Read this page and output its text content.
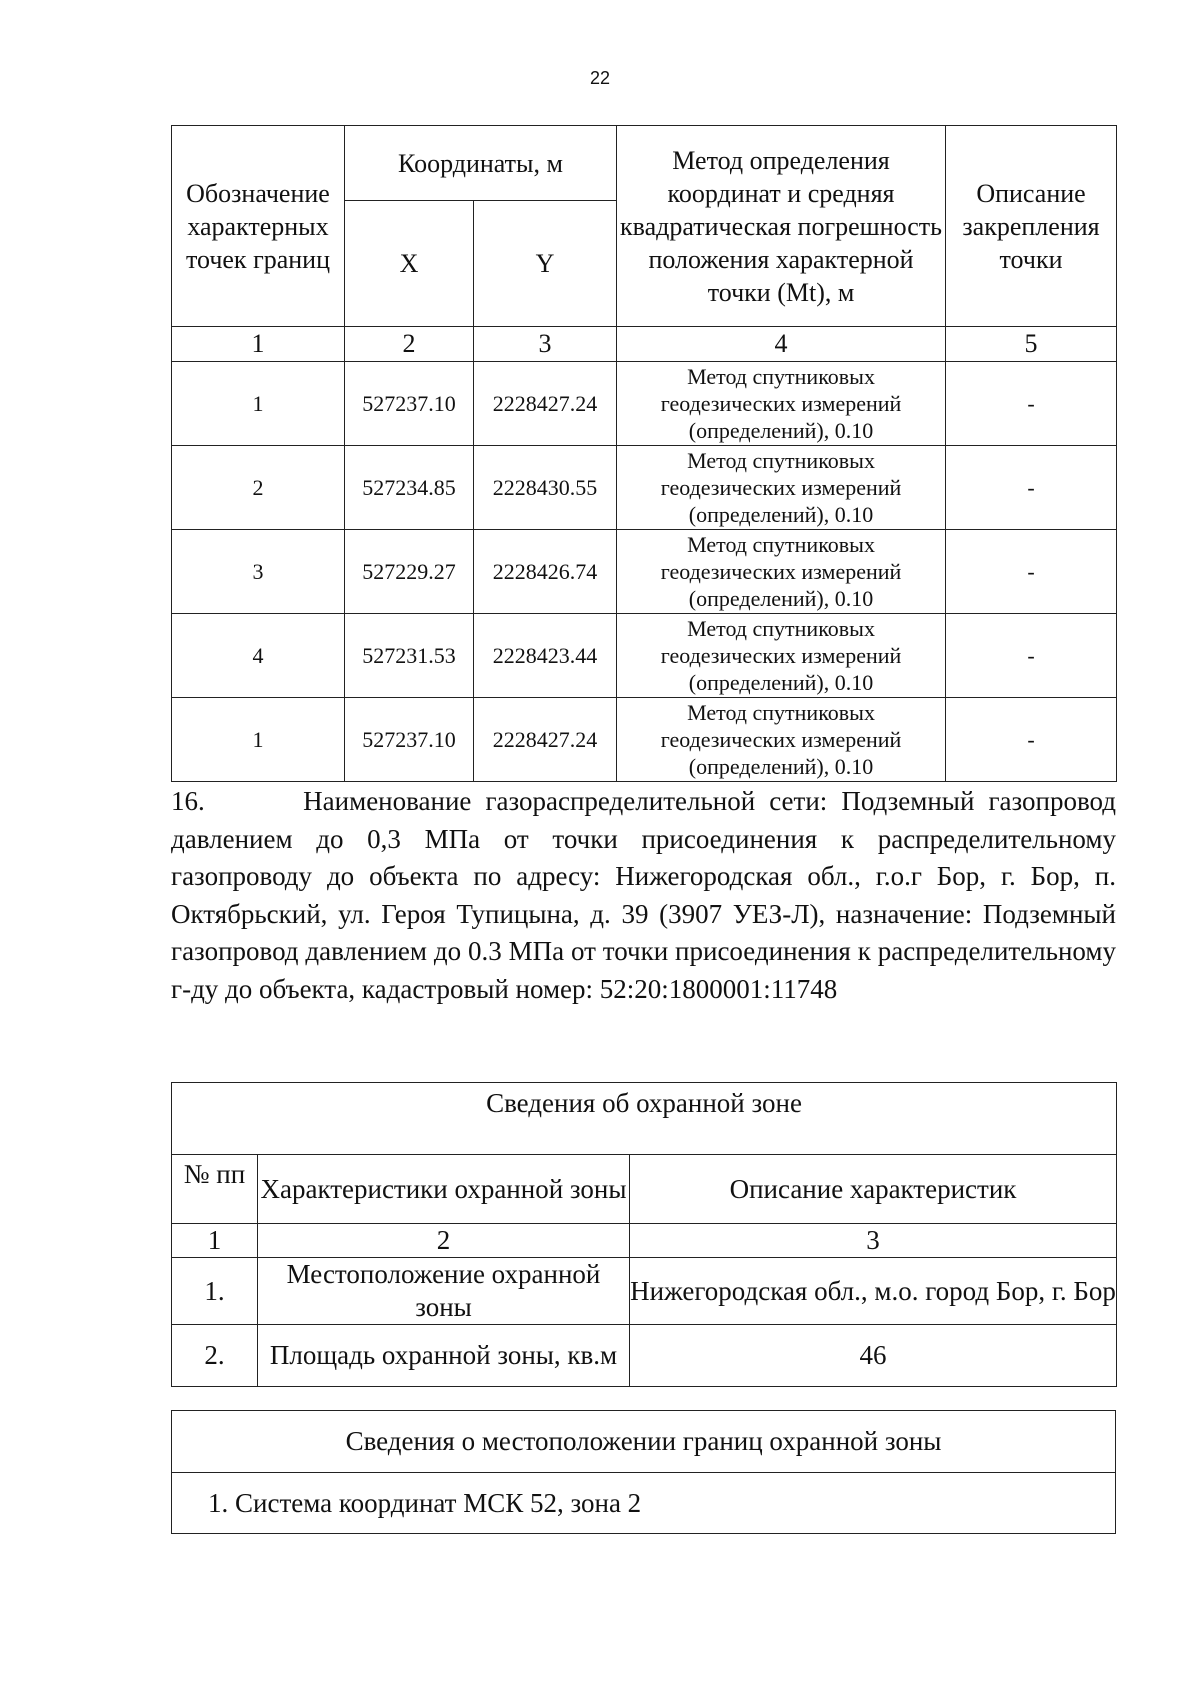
22
Обозначение характерных точек границ	Координаты, м		Метод определения координат и средняя квадратическая погрешность положения характерной точки (Mt), м	Описание закрепления точки
	X	Y		
1	2	3	4	5
1	527237.10	2228427.24	Метод спутниковых геодезических измерений (определений), 0.10	-
2	527234.85	2228430.55	Метод спутниковых геодезических измерений (определений), 0.10	-
3	527229.27	2228426.74	Метод спутниковых геодезических измерений (определений), 0.10	-
4	527231.53	2228423.44	Метод спутниковых геодезических измерений (определений), 0.10	-
1	527237.10	2228427.24	Метод спутниковых геодезических измерений (определений), 0.10	-

16.	Наименование газораспределительной сети: Подземный газопровод давлением до 0,3 МПа от точки присоединения к распределительному газопроводу до объекта по адресу: Нижегородская обл., г.о.г Бор, г. Бор, п. Октябрьский, ул. Героя Тупицына, д. 39 (3907 УЕЗ-Л), назначение: Подземный газопровод давлением до 0.3 МПа от точки присоединения к распределительному г-ду до объекта, кадастровый номер: 52:20:1800001:11748

Сведения об охранной зоне		
№ пп	Характеристики охранной зоны	Описание характеристик
1	2	3
1.	Местоположение охранной зоны	Нижегородская обл., м.о. город Бор, г. Бор
2.	Площадь охранной зоны, кв.м	46
Сведения о местоположении границ охранной зоны
1. Система координат МСК 52, зона 2
